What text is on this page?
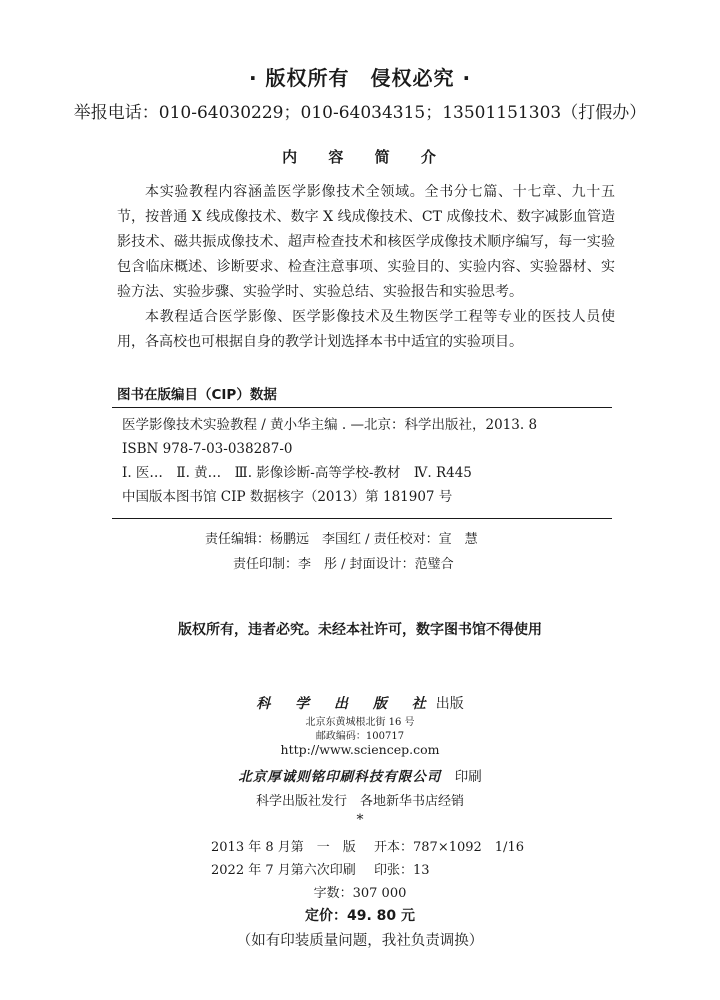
· 版权所有　侵权必究 ·
举报电话：010-64030229；010-64034315；13501151303（打假办）
内 容 简 介

本实验教程内容涵盖医学影像技术全领域。全书分七篇、十七章、九十五节，按普通 X 线成像技术、数字 X 线成像技术、CT 成像技术、数字减影血管造影技术、磁共振成像技术、超声检查技术和核医学成像技术顺序编写，每一实验包含临床概述、诊断要求、检查注意事项、实验目的、实验内容、实验器材、实验方法、实验步骤、实验学时、实验总结、实验报告和实验思考。

本教程适合医学影像、医学影像技术及生物医学工程等专业的医技人员使用，各高校也可根据自身的教学计划选择本书中适宜的实验项目。

图书在版编目（CIP）数据
医学影像技术实验教程 / 黄小华主编 . —北京：科学出版社，2013. 8
ISBN 978-7-03-038287-0
Ⅰ. 医…　Ⅱ. 黄…　Ⅲ. 影像诊断-高等学校-教材　Ⅳ. R445
中国版本图书馆 CIP 数据核字（2013）第 181907 号
责任编辑：杨鹏远　李国红 / 责任校对：宣　慧
责任印制：李　彤 / 封面设计：范璧合
版权所有，违者必究。未经本社许可，数字图书馆不得使用
科 学 出 版 社出版
北京东黄城根北街 16 号
邮政编码：100717
http://www.sciencep.com
北京厚诚则铭印刷科技有限公司　 印刷
科学出版社发行　各地新华书店经销
*
2013 年 8 月第　一　版 开本：787×1092　1/16
2022 年 7 月第六次印刷 印张：13
字数：307 000
定价：49. 80 元
（如有印装质量问题，我社负责调换）
